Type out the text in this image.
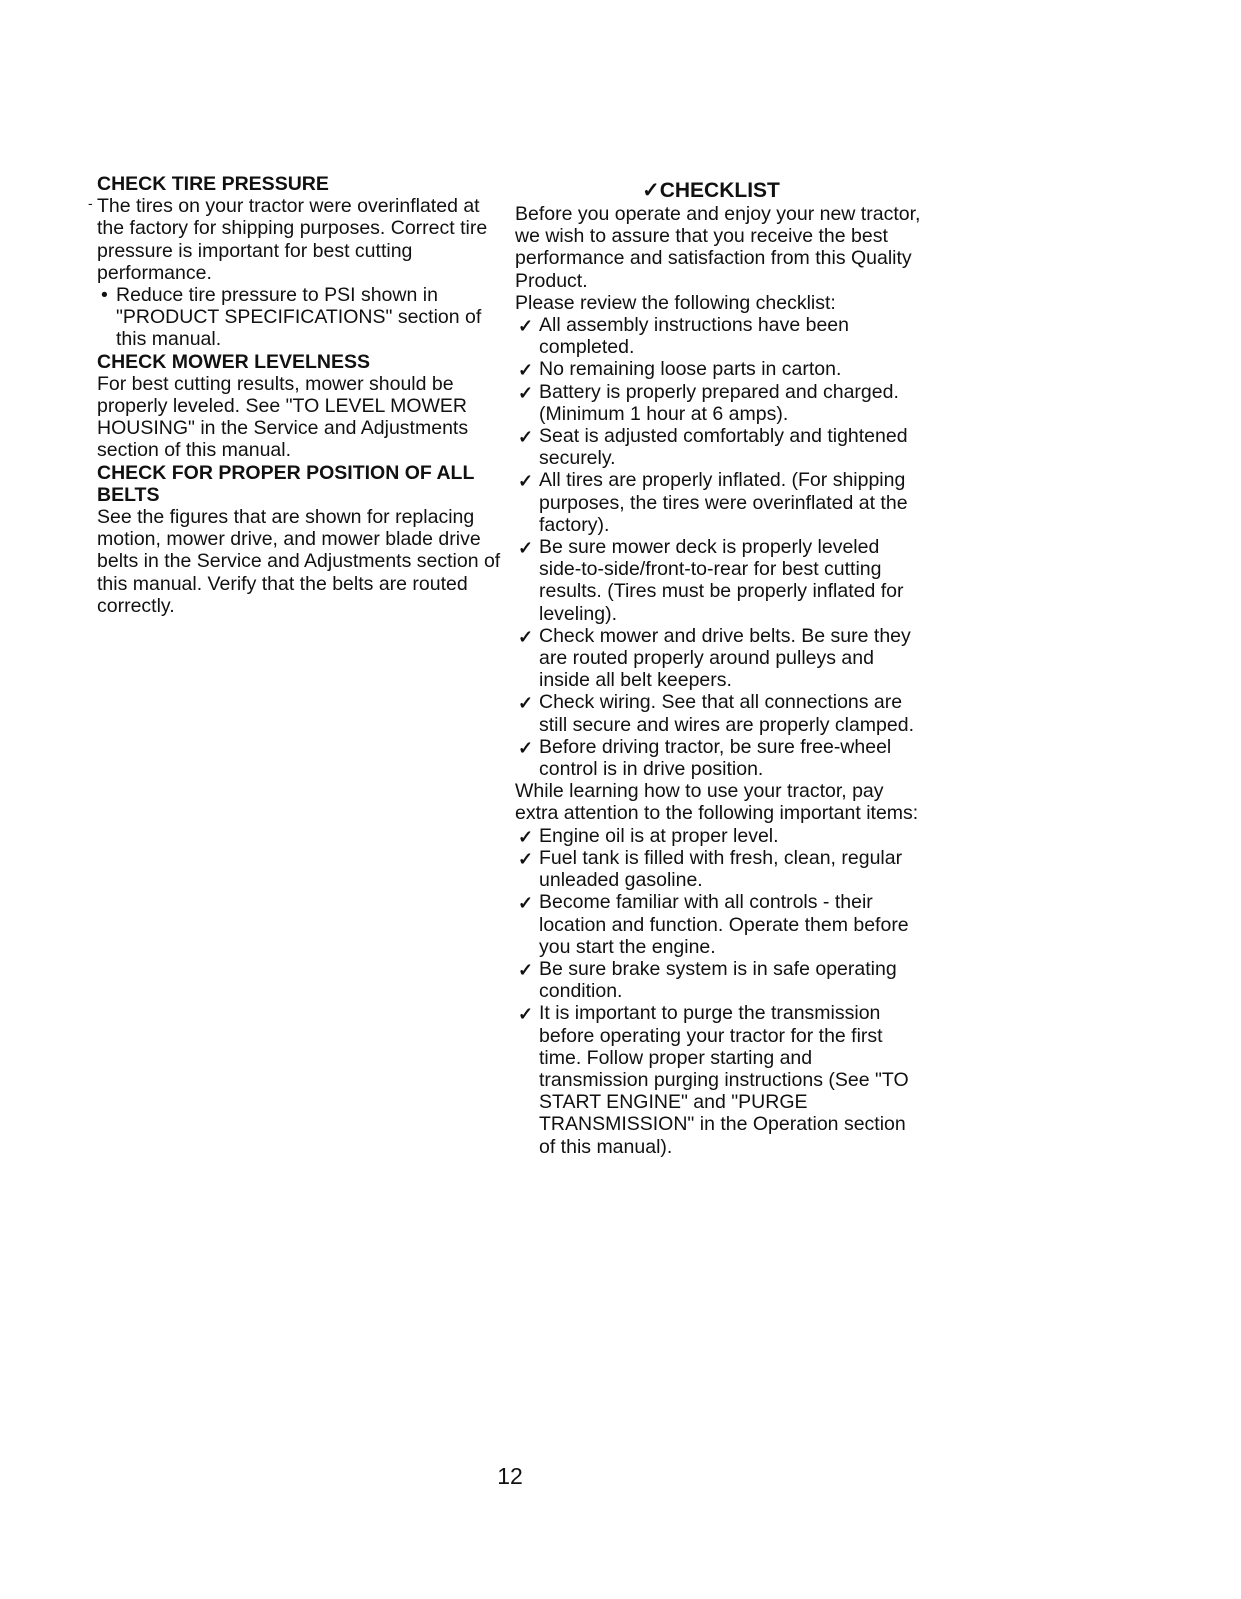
-

CHECK TIRE PRESSURE

The tires on your tractor were overinflated at the factory for shipping purposes. Correct tire pressure is important for best cutting performance.

• Reduce tire pressure to PSI shown in "PRODUCT SPECIFICATIONS" section of this manual.

CHECK MOWER LEVELNESS

For best cutting results, mower should be properly leveled. See "TO LEVEL MOWER HOUSING" in the Service and Adjustments section of this manual.

CHECK FOR PROPER POSITION OF ALL BELTS

See the figures that are shown for replacing motion, mower drive, and mower blade drive belts in the Service and Adjustments section of this manual. Verify that the belts are routed correctly.

✓CHECKLIST

Before you operate and enjoy your new tractor, we wish to assure that you receive the best performance and satisfaction from this Quality Product.

Please review the following checklist:

✓ All assembly instructions have been completed.

✓ No remaining loose parts in carton.

✓ Battery is properly prepared and charged. (Minimum 1 hour at 6 amps).

✓ Seat is adjusted comfortably and tightened securely.

✓ All tires are properly inflated. (For shipping purposes, the tires were overinflated at the factory).

✓ Be sure mower deck is properly leveled side-to-side/front-to-rear for best cutting results. (Tires must be properly inflated for leveling).

✓ Check mower and drive belts. Be sure they are routed properly around pulleys and inside all belt keepers.

✓ Check wiring. See that all connections are still secure and wires are properly clamped.

✓ Before driving tractor, be sure free-wheel control is in drive position.

While learning how to use your tractor, pay extra attention to the following important items:

✓ Engine oil is at proper level.

✓ Fuel tank is filled with fresh, clean, regular unleaded gasoline.

✓ Become familiar with all controls - their location and function. Operate them before you start the engine.

✓ Be sure brake system is in safe operating condition.

✓ It is important to purge the transmission before operating your tractor for the first time. Follow proper starting and transmission purging instructions (See "TO START ENGINE" and "PURGE TRANSMISSION" in the Operation section of this manual).

12
